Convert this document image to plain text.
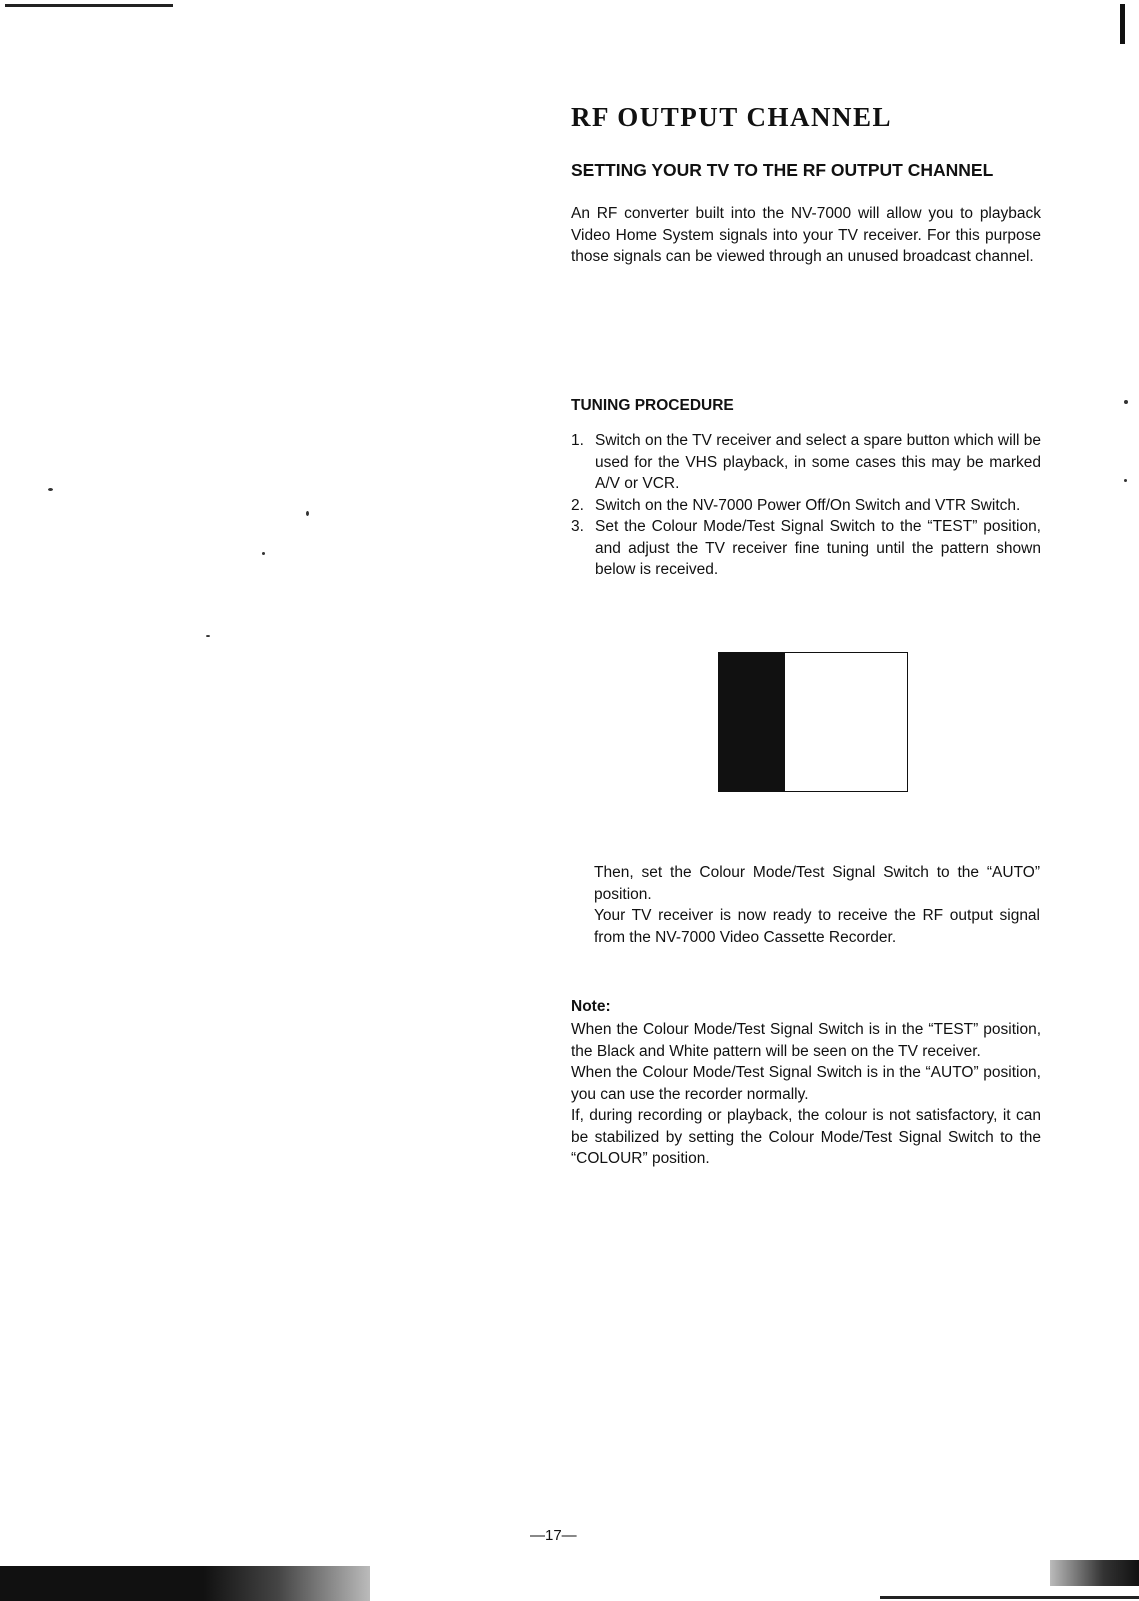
RF OUTPUT CHANNEL
SETTING YOUR TV TO THE RF OUTPUT CHANNEL

An RF converter built into the NV-7000 will allow you to playback Video Home System signals into your TV receiver. For this purpose those signals can be viewed through an unused broadcast channel.

TUNING PROCEDURE
1. Switch on the TV receiver and select a spare button which will be used for the VHS playback, in some cases this may be marked A/V or VCR.
2. Switch on the NV-7000 Power Off/On Switch and VTR Switch.
3. Set the Colour Mode/Test Signal Switch to the “TEST” position, and adjust the TV receiver fine tuning until the pattern shown below is received.

Then, set the Colour Mode/Test Signal Switch to the “AUTO” position.

Your TV receiver is now ready to receive the RF output signal from the NV-7000 Video Cassette Recorder.

Note:

When the Colour Mode/Test Signal Switch is in the “TEST” position, the Black and White pattern will be seen on the TV receiver.

When the Colour Mode/Test Signal Switch is in the “AUTO” position, you can use the recorder normally.

If, during recording or playback, the colour is not satisfactory, it can be stabilized by setting the Colour Mode/Test Signal Switch to the “COLOUR” position.

—17—
